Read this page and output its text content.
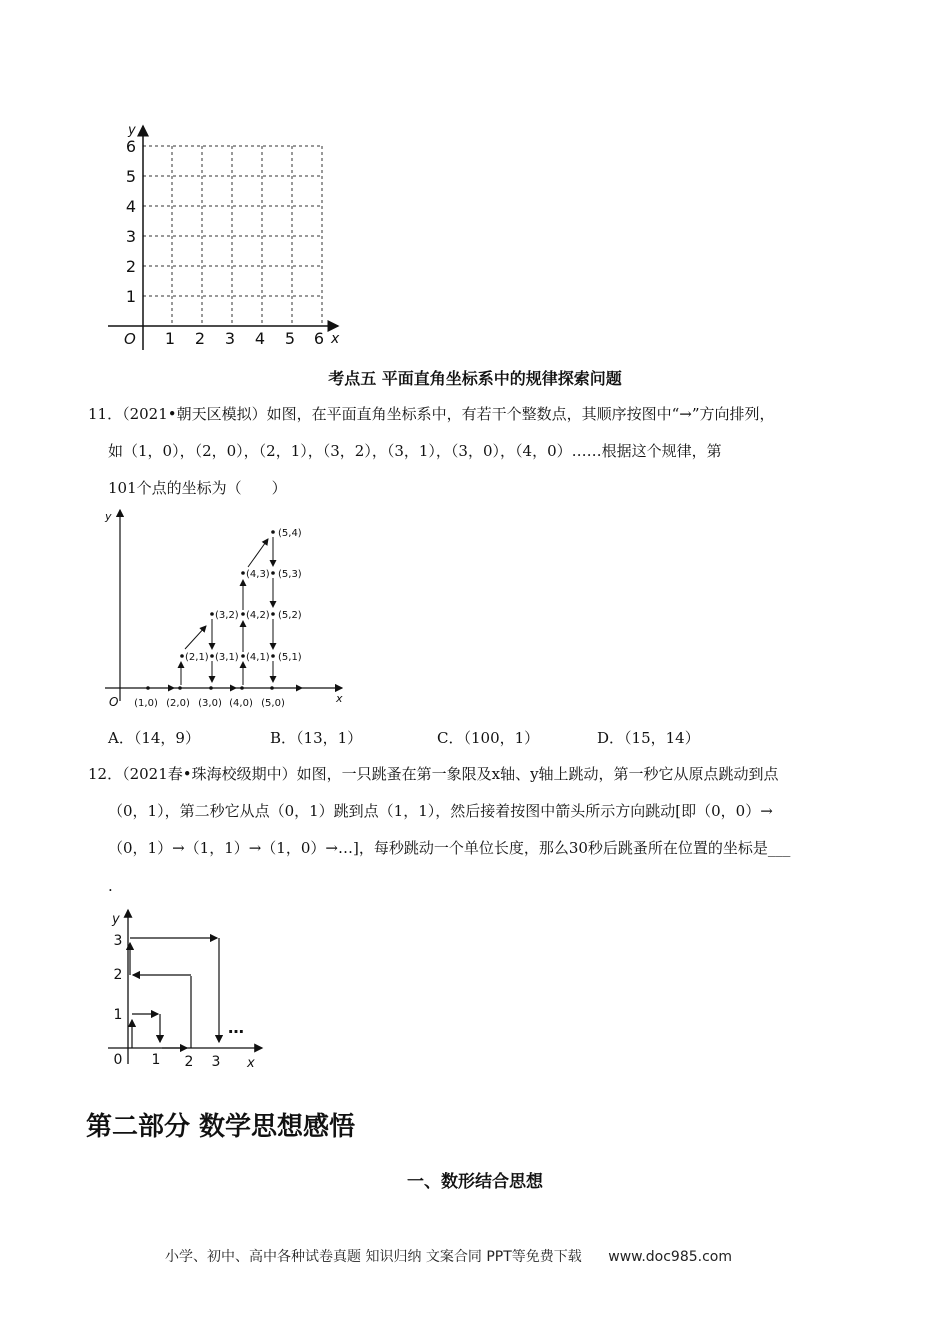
y
x
O
1
2
3
4
5
6
1 2 3 4 5 6
考点五 平面直角坐标系中的规律探索问题
11．（2021•朝天区模拟）如图，在平面直角坐标系中，有若干个整数点，其顺序按图中“→”方向排列，
如（1，0），（2，0），（2，1），（3，2），（3，1），（3，0），（4，0）……根据这个规律，第
101个点的坐标为（　　）
y
x
O (1,0) (2,0) (3,0) (4,0) (5,0)
(2,1) (3,1) (4,1) (5,1)
(3,2) (4,2) (5,2)
(4,3) (5,3)
(5,4)
A．（14，9）	B．（13，1）	C．（100，1）	D．（15，14）
12．（2021春•珠海校级期中）如图，一只跳蚤在第一象限及x轴、y轴上跳动，第一秒它从原点跳动到点
（0，1），第二秒它从点（0，1）跳到点（1，1），然后接着按图中箭头所示方向跳动[即（0，0）→
（0，1）→（1，1）→（1，0）→…]，每秒跳动一个单位长度，那么30秒后跳蚤所在位置的坐标是___
.
y
x
0 1 2 3
1
2
3
…
第二部分 数学思想感悟
一、数形结合思想
小学、初中、高中各种试卷真题 知识归纳 文案合同 PPT等免费下载 www.doc985.com
